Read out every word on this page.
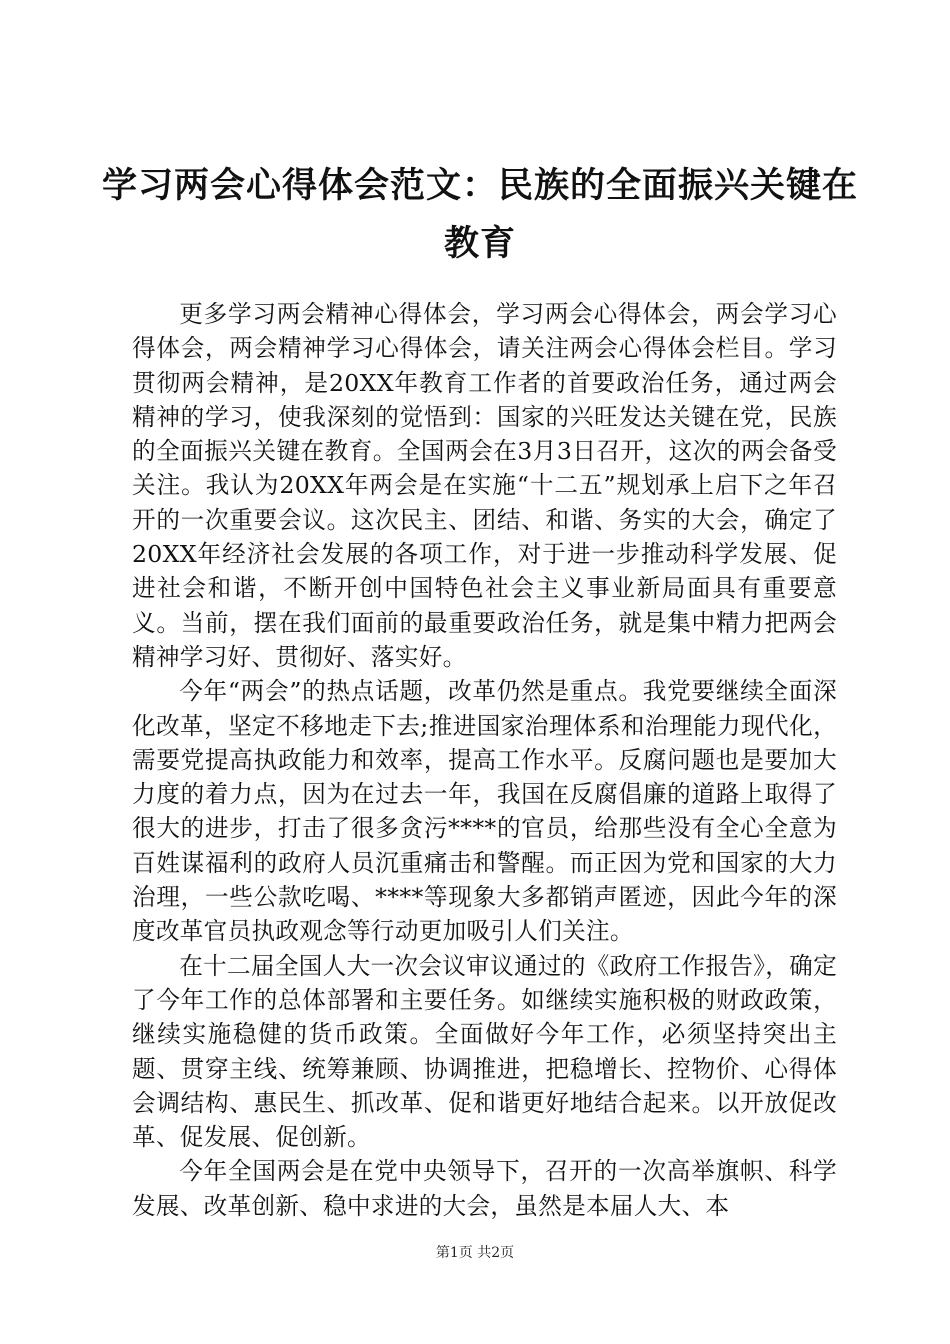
学习两会心得体会范文：民族的全面振兴关键在教育

更多学习两会精神心得体会，学习两会心得体会，两会学习心得体会，两会精神学习心得体会，请关注两会心得体会栏目。学习贯彻两会精神，是20XX年教育工作者的首要政治任务，通过两会精神的学习，使我深刻的觉悟到：国家的兴旺发达关键在党，民族的全面振兴关键在教育。全国两会在3月3日召开，这次的两会备受关注。我认为20XX年两会是在实施“十二五”规划承上启下之年召开的一次重要会议。这次民主、团结、和谐、务实的大会，确定了20XX年经济社会发展的各项工作，对于进一步推动科学发展、促进社会和谐，不断开创中国特色社会主义事业新局面具有重要意义。当前，摆在我们面前的最重要政治任务，就是集中精力把两会精神学习好、贯彻好、落实好。

今年“两会”的热点话题，改革仍然是重点。我党要继续全面深化改革，坚定不移地走下去;推进国家治理体系和治理能力现代化，需要党提高执政能力和效率，提高工作水平。反腐问题也是要加大力度的着力点，因为在过去一年，我国在反腐倡廉的道路上取得了很大的进步，打击了很多贪污****的官员，给那些没有全心全意为百姓谋福利的政府人员沉重痛击和警醒。而正因为党和国家的大力治理，一些公款吃喝、****等现象大多都销声匿迹，因此今年的深度改革官员执政观念等行动更加吸引人们关注。

在十二届全国人大一次会议审议通过的《政府工作报告》，确定了今年工作的总体部署和主要任务。如继续实施积极的财政政策，继续实施稳健的货币政策。全面做好今年工作，必须坚持突出主题、贯穿主线、统筹兼顾、协调推进，把稳增长、控物价、心得体会调结构、惠民生、抓改革、促和谐更好地结合起来。以开放促改革、促发展、促创新。

今年全国两会是在党中央领导下，召开的一次高举旗帜、科学发展、改革创新、稳中求进的大会，虽然是本届人大、本

第1页 共2页
